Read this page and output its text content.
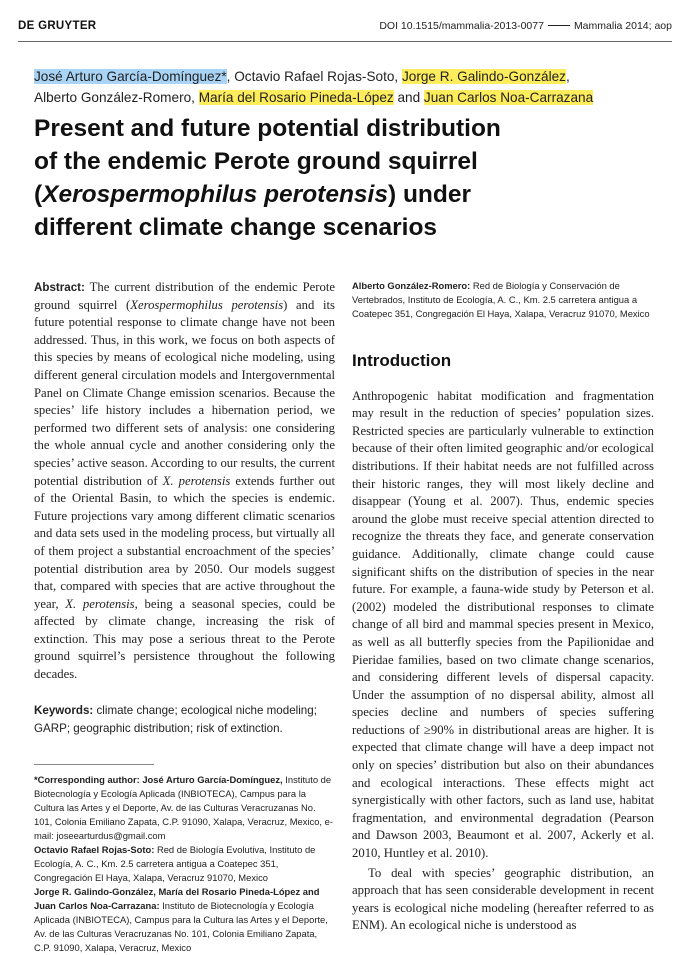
DE GRUYTER	DOI 10.1515/mammalia-2013-0077	Mammalia 2014; aop
José Arturo García-Domínguez*, Octavio Rafael Rojas-Soto, Jorge R. Galindo-González,
Alberto González-Romero, María del Rosario Pineda-López and Juan Carlos Noa-Carrazana
Present and future potential distribution
of the endemic Perote ground squirrel
(Xerospermophilus perotensis) under
different climate change scenarios
Abstract: The current distribution of the endemic Perote ground squirrel (Xerospermophilus perotensis) and its future potential response to climate change have not been addressed. Thus, in this work, we focus on both aspects of this species by means of ecological niche modeling, using different general circulation models and Intergovernmental Panel on Climate Change emission scenarios. Because the species’ life history includes a hibernation period, we performed two different sets of analysis: one considering the whole annual cycle and another considering only the species’ active season. According to our results, the current potential distribution of X. perotensis extends further out of the Oriental Basin, to which the species is endemic. Future projections vary among different climatic scenarios and data sets used in the modeling process, but virtually all of them project a substantial encroachment of the species’ potential distribution area by 2050. Our models suggest that, compared with species that are active throughout the year, X. perotensis, being a seasonal species, could be affected by climate change, increasing the risk of extinction. This may pose a serious threat to the Perote ground squirrel’s persistence throughout the following decades.
Keywords: climate change; ecological niche modeling; GARP; geographic distribution; risk of extinction.

*Corresponding author: José Arturo García-Domínguez, Instituto de Biotecnología y Ecología Aplicada (INBIOTECA), Campus para la Cultura las Artes y el Deporte, Av. de las Culturas Veracruzanas No. 101, Colonia Emiliano Zapata, C.P. 91090, Xalapa, Veracruz, Mexico, e-mail: joseearturdus@gmail.com

Octavio Rafael Rojas-Soto: Red de Biología Evolutiva, Instituto de Ecología, A. C., Km. 2.5 carretera antigua a Coatepec 351, Congregación El Haya, Xalapa, Veracruz 91070, Mexico

Jorge R. Galindo-González, María del Rosario Pineda-López and Juan Carlos Noa-Carrazana: Instituto de Biotecnología y Ecología Aplicada (INBIOTECA), Campus para la Cultura las Artes y el Deporte, Av. de las Culturas Veracruzanas No. 101, Colonia Emiliano Zapata, C.P. 91090, Xalapa, Veracruz, Mexico

Alberto González-Romero: Red de Biología y Conservación de Vertebrados, Instituto de Ecología, A. C., Km. 2.5 carretera antigua a Coatepec 351, Congregación El Haya, Xalapa, Veracruz 91070, Mexico

Introduction

Anthropogenic habitat modification and fragmentation may result in the reduction of species’ population sizes. Restricted species are particularly vulnerable to extinction because of their often limited geographic and/or ecological distributions. If their habitat needs are not fulfilled across their historic ranges, they will most likely decline and disappear (Young et al. 2007). Thus, endemic species around the globe must receive special attention directed to recognize the threats they face, and generate conservation guidance. Additionally, climate change could cause significant shifts on the distribution of species in the near future. For example, a fauna-wide study by Peterson et al. (2002) modeled the distributional responses to climate change of all bird and mammal species present in Mexico, as well as all butterfly species from the Papilionidae and Pieridae families, based on two climate change scenarios, and considering different levels of dispersal capacity. Under the assumption of no dispersal ability, almost all species decline and numbers of species suffering reductions of ≥90% in distributional areas are higher. It is expected that climate change will have a deep impact not only on species’ distribution but also on their abundances and ecological interactions. These effects might act synergistically with other factors, such as land use, habitat fragmentation, and environmental degradation (Pearson and Dawson 2003, Beaumont et al. 2007, Ackerly et al. 2010, Huntley et al. 2010).

To deal with species’ geographic distribution, an approach that has seen considerable development in recent years is ecological niche modeling (hereafter referred to as ENM). An ecological niche is understood as
